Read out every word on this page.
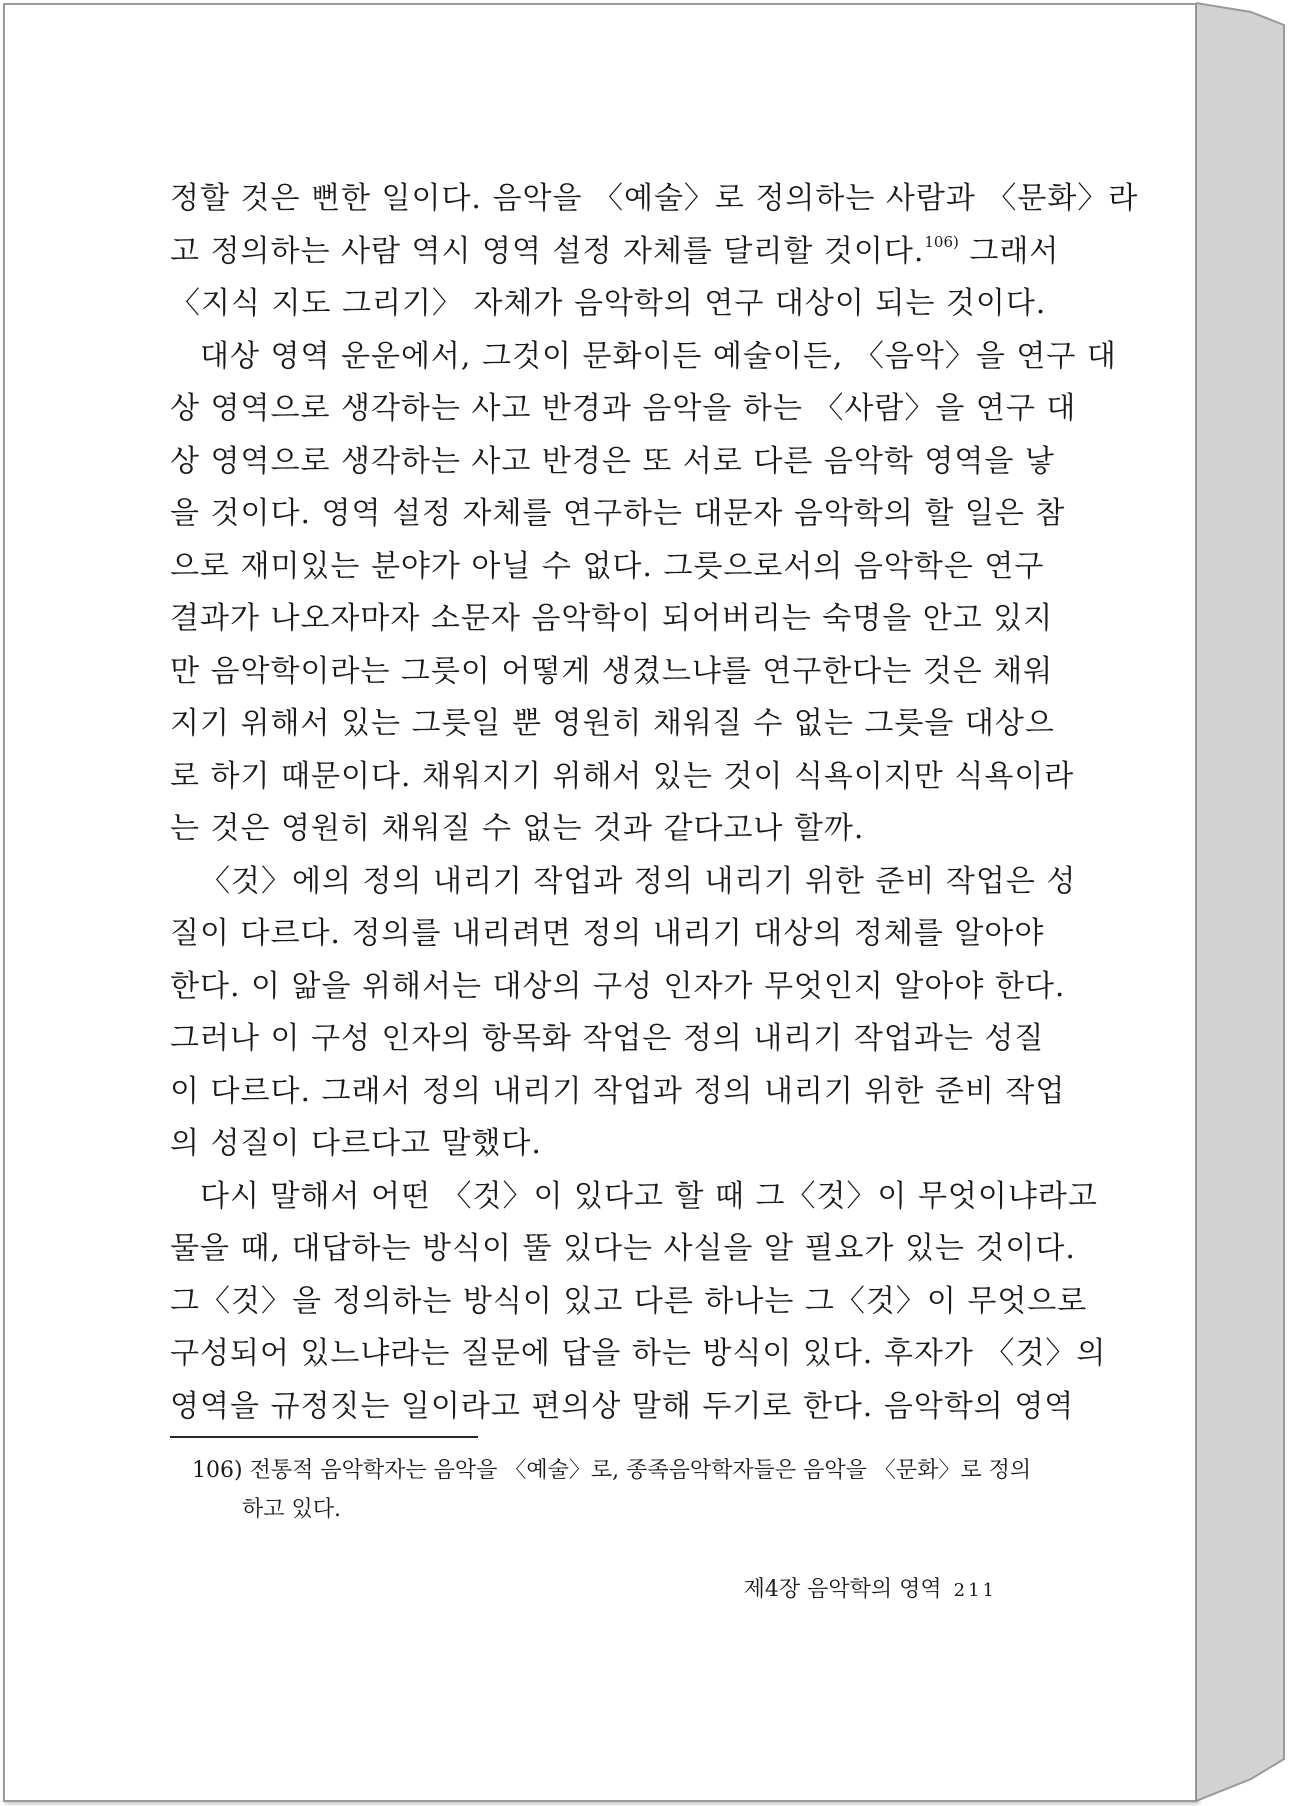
정할 것은 뻔한 일이다. 음악을 〈예술〉로 정의하는 사람과 〈문화〉라
고 정의하는 사람 역시 영역 설정 자체를 달리할 것이다.$^{106)}$ 그래서
〈지식 지도 그리기〉 자체가 음악학의 연구 대상이 되는 것이다.
대상 영역 운운에서, 그것이 문화이든 예술이든, 〈음악〉을 연구 대
상 영역으로 생각하는 사고 반경과 음악을 하는 〈사람〉을 연구 대
상 영역으로 생각하는 사고 반경은 또 서로 다른 음악학 영역을 낳
을 것이다. 영역 설정 자체를 연구하는 대문자 음악학의 할 일은 참
으로 재미있는 분야가 아닐 수 없다. 그릇으로서의 음악학은 연구
결과가 나오자마자 소문자 음악학이 되어버리는 숙명을 안고 있지
만 음악학이라는 그릇이 어떻게 생겼느냐를 연구한다는 것은 채워
지기 위해서 있는 그릇일 뿐 영원히 채워질 수 없는 그릇을 대상으
로 하기 때문이다. 채워지기 위해서 있는 것이 식욕이지만 식욕이라
는 것은 영원히 채워질 수 없는 것과 같다고나 할까.
〈것〉에의 정의 내리기 작업과 정의 내리기 위한 준비 작업은 성
질이 다르다. 정의를 내리려면 정의 내리기 대상의 정체를 알아야
한다. 이 앎을 위해서는 대상의 구성 인자가 무엇인지 알아야 한다.
그러나 이 구성 인자의 항목화 작업은 정의 내리기 작업과는 성질
이 다르다. 그래서 정의 내리기 작업과 정의 내리기 위한 준비 작업
의 성질이 다르다고 말했다.
다시 말해서 어떤 〈것〉이 있다고 할 때 그〈것〉이 무엇이냐라고
물을 때, 대답하는 방식이 뚤 있다는 사실을 알 필요가 있는 것이다.
그〈것〉을 정의하는 방식이 있고 다른 하나는 그〈것〉이 무엇으로
구성되어 있느냐라는 질문에 답을 하는 방식이 있다. 후자가 〈것〉의
영역을 규정짓는 일이라고 편의상 말해 두기로 한다. 음악학의 영역
106) 전통적 음악학자는 음악을 〈예술〉로, 종족음악학자들은 음악을 〈문화〉로 정의
하고 있다.
제4장 음악학의 영역 211
